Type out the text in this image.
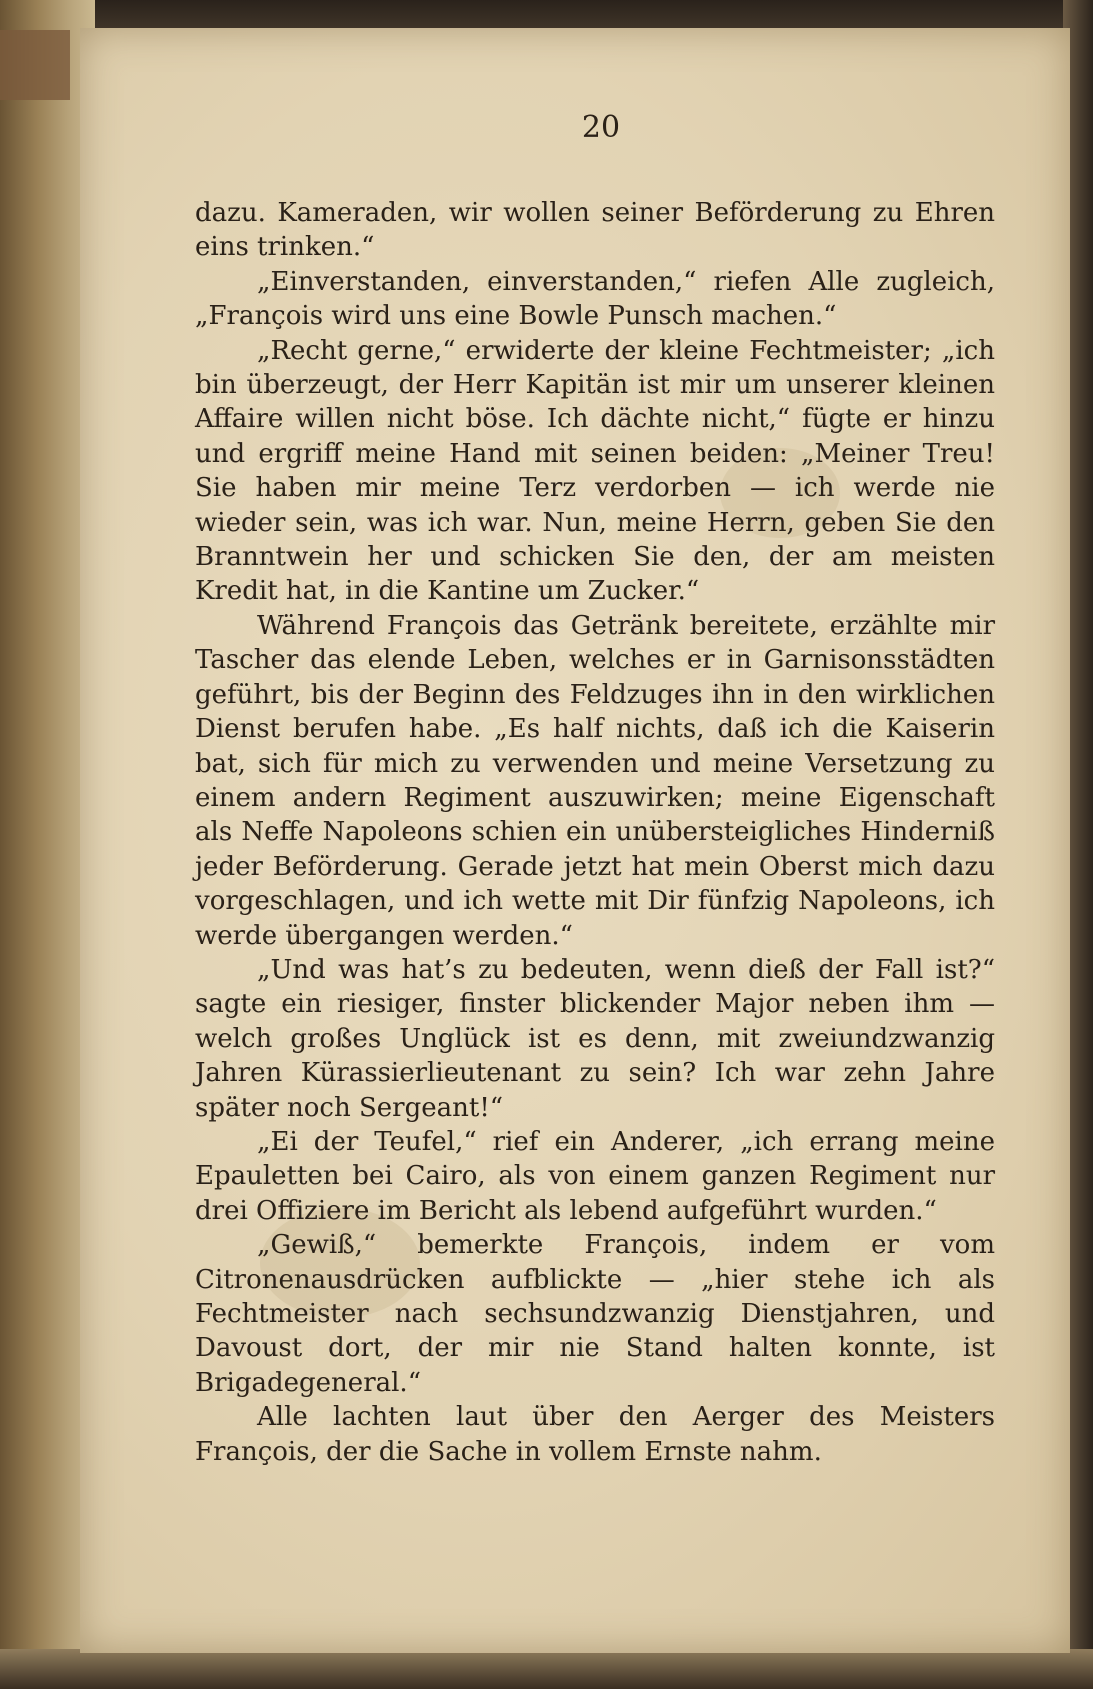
20

dazu. Kameraden, wir wollen seiner Beförderung zu Ehren eins trinken.“

„Einverstanden, einverstanden,“ riefen Alle zugleich, „François wird uns eine Bowle Punsch machen.“

„Recht gerne,“ erwiderte der kleine Fechtmeister; „ich bin überzeugt, der Herr Kapitän ist mir um unserer kleinen Affaire willen nicht böse. Ich dächte nicht,“ fügte er hinzu und ergriff meine Hand mit seinen beiden: „Meiner Treu! Sie haben mir meine Terz verdorben — ich werde nie wieder sein, was ich war. Nun, meine Herrn, geben Sie den Branntwein her und schicken Sie den, der am meisten Kredit hat, in die Kantine um Zucker.“

Während François das Getränk bereitete, erzählte mir Tascher das elende Leben, welches er in Garnisonsstädten geführt, bis der Beginn des Feldzuges ihn in den wirklichen Dienst berufen habe. „Es half nichts, daß ich die Kaiserin bat, sich für mich zu verwenden und meine Versetzung zu einem andern Regiment auszuwirken; meine Eigenschaft als Neffe Napoleons schien ein unübersteigliches Hinderniß jeder Beförderung. Gerade jetzt hat mein Oberst mich dazu vorgeschlagen, und ich wette mit Dir fünfzig Napoleons, ich werde übergangen werden.“

„Und was hat’s zu bedeuten, wenn dieß der Fall ist?“ sagte ein riesiger, finster blickender Major neben ihm — welch großes Unglück ist es denn, mit zweiundzwanzig Jahren Kürassierlieutenant zu sein? Ich war zehn Jahre später noch Sergeant!“

„Ei der Teufel,“ rief ein Anderer, „ich errang meine Epauletten bei Cairo, als von einem ganzen Regiment nur drei Offiziere im Bericht als lebend aufgeführt wurden.“

„Gewiß,“ bemerkte François, indem er vom Citronenausdrücken aufblickte — „hier stehe ich als Fechtmeister nach sechsundzwanzig Dienstjahren, und Davoust dort, der mir nie Stand halten konnte, ist Brigadegeneral.“

Alle lachten laut über den Aerger des Meisters François, der die Sache in vollem Ernste nahm.
